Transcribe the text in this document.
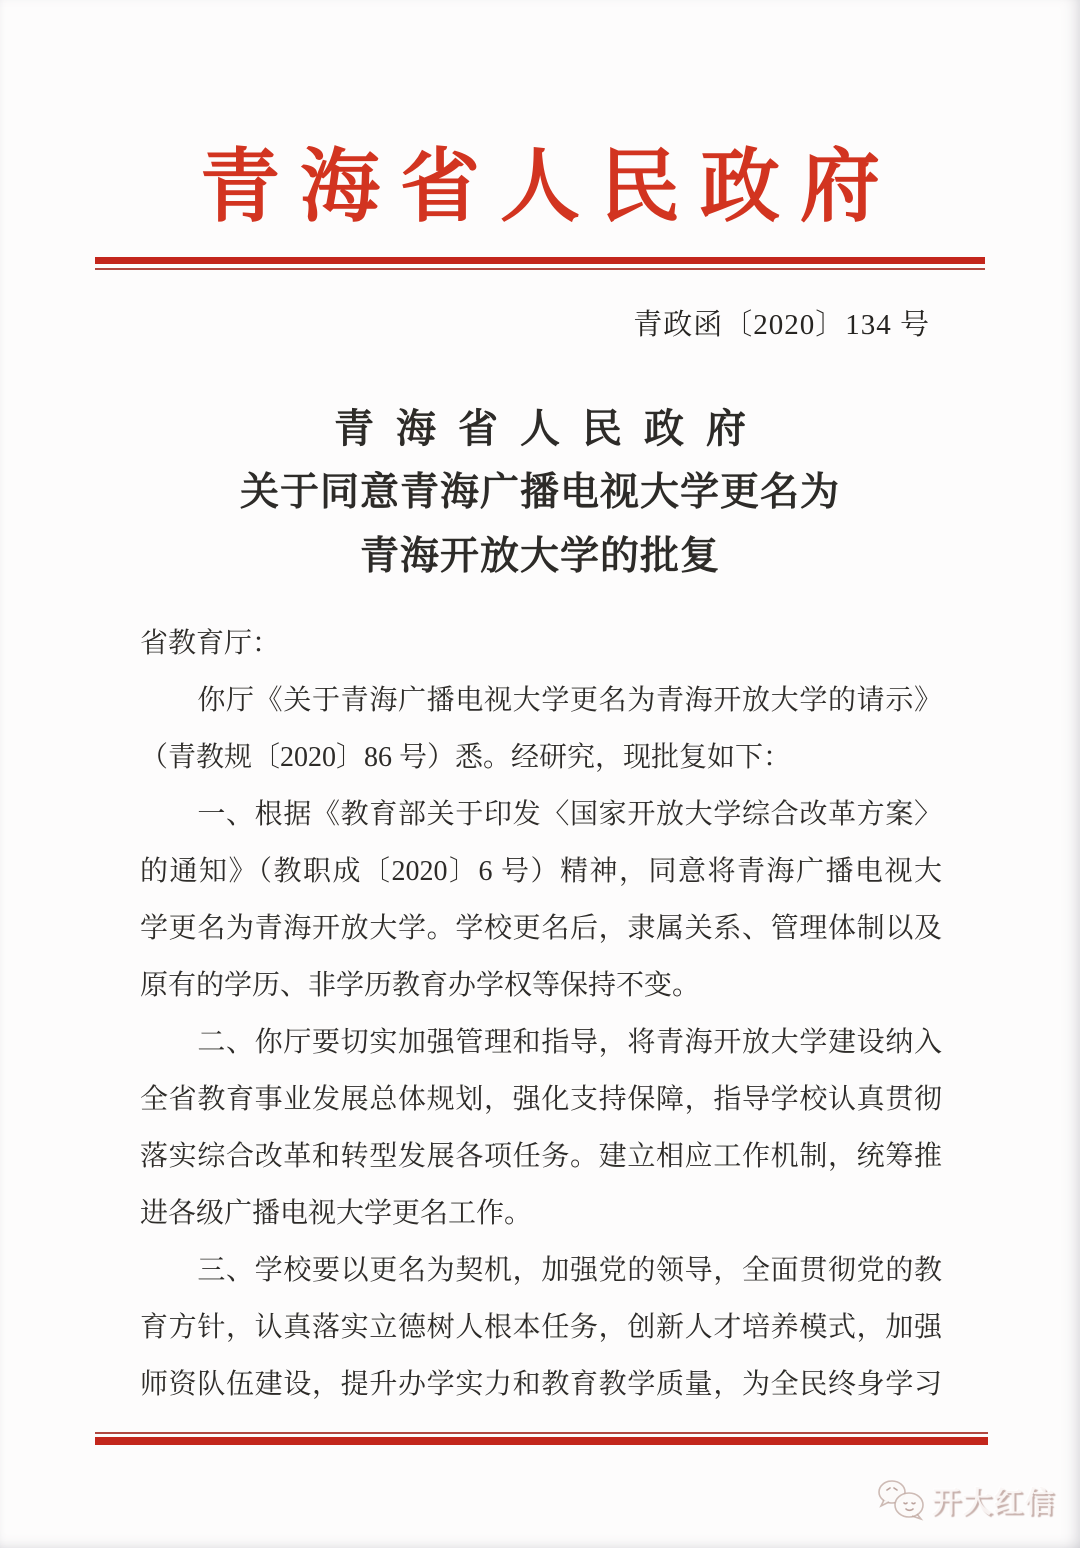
青海省人民政府
青政函〔2020〕134 号
青海省人民政府
关于同意青海广播电视大学更名为
青海开放大学的批复
省教育厅：
　　你厅《关于青海广播电视大学更名为青海开放大学的请示》
（青教规〔2020〕86 号）悉。经研究，现批复如下：
　　一、根据《教育部关于印发〈国家开放大学综合改革方案〉
的通知》（教职成〔2020〕6 号）精神，同意将青海广播电视大
学更名为青海开放大学。学校更名后，隶属关系、管理体制以及
原有的学历、非学历教育办学权等保持不变。
　　二、你厅要切实加强管理和指导，将青海开放大学建设纳入
全省教育事业发展总体规划，强化支持保障，指导学校认真贯彻
落实综合改革和转型发展各项任务。建立相应工作机制，统筹推
进各级广播电视大学更名工作。
　　三、学校要以更名为契机，加强党的领导，全面贯彻党的教
育方针，认真落实立德树人根本任务，创新人才培养模式，加强
师资队伍建设，提升办学实力和教育教学质量，为全民终身学习
开大红信
